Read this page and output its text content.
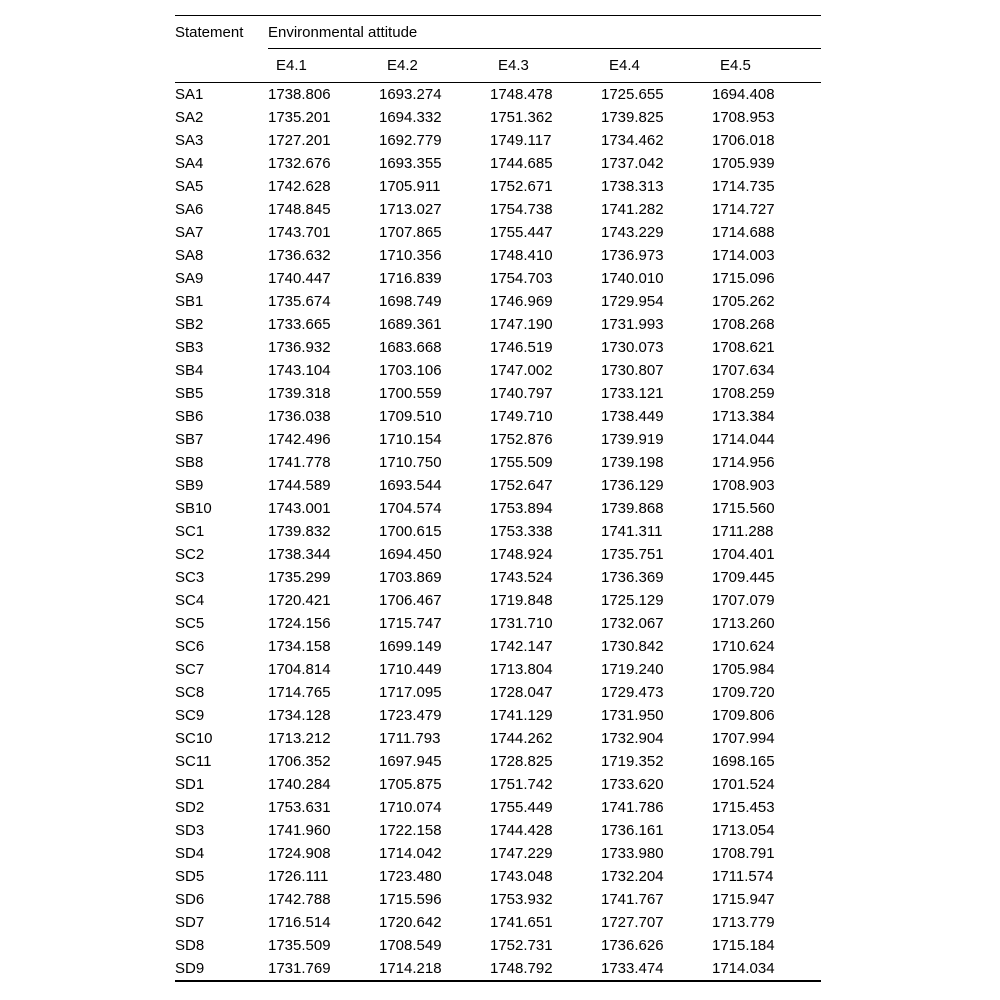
Statement	Environmental attitude				
	E4.1	E4.2	E4.3	E4.4	E4.5
SA1	1738.806	1693.274	1748.478	1725.655	1694.408
SA2	1735.201	1694.332	1751.362	1739.825	1708.953
SA3	1727.201	1692.779	1749.117	1734.462	1706.018
SA4	1732.676	1693.355	1744.685	1737.042	1705.939
SA5	1742.628	1705.911	1752.671	1738.313	1714.735
SA6	1748.845	1713.027	1754.738	1741.282	1714.727
SA7	1743.701	1707.865	1755.447	1743.229	1714.688
SA8	1736.632	1710.356	1748.410	1736.973	1714.003
SA9	1740.447	1716.839	1754.703	1740.010	1715.096
SB1	1735.674	1698.749	1746.969	1729.954	1705.262
SB2	1733.665	1689.361	1747.190	1731.993	1708.268
SB3	1736.932	1683.668	1746.519	1730.073	1708.621
SB4	1743.104	1703.106	1747.002	1730.807	1707.634
SB5	1739.318	1700.559	1740.797	1733.121	1708.259
SB6	1736.038	1709.510	1749.710	1738.449	1713.384
SB7	1742.496	1710.154	1752.876	1739.919	1714.044
SB8	1741.778	1710.750	1755.509	1739.198	1714.956
SB9	1744.589	1693.544	1752.647	1736.129	1708.903
SB10	1743.001	1704.574	1753.894	1739.868	1715.560
SC1	1739.832	1700.615	1753.338	1741.311	1711.288
SC2	1738.344	1694.450	1748.924	1735.751	1704.401
SC3	1735.299	1703.869	1743.524	1736.369	1709.445
SC4	1720.421	1706.467	1719.848	1725.129	1707.079
SC5	1724.156	1715.747	1731.710	1732.067	1713.260
SC6	1734.158	1699.149	1742.147	1730.842	1710.624
SC7	1704.814	1710.449	1713.804	1719.240	1705.984
SC8	1714.765	1717.095	1728.047	1729.473	1709.720
SC9	1734.128	1723.479	1741.129	1731.950	1709.806
SC10	1713.212	1711.793	1744.262	1732.904	1707.994
SC11	1706.352	1697.945	1728.825	1719.352	1698.165
SD1	1740.284	1705.875	1751.742	1733.620	1701.524
SD2	1753.631	1710.074	1755.449	1741.786	1715.453
SD3	1741.960	1722.158	1744.428	1736.161	1713.054
SD4	1724.908	1714.042	1747.229	1733.980	1708.791
SD5	1726.111	1723.480	1743.048	1732.204	1711.574
SD6	1742.788	1715.596	1753.932	1741.767	1715.947
SD7	1716.514	1720.642	1741.651	1727.707	1713.779
SD8	1735.509	1708.549	1752.731	1736.626	1715.184
SD9	1731.769	1714.218	1748.792	1733.474	1714.034
